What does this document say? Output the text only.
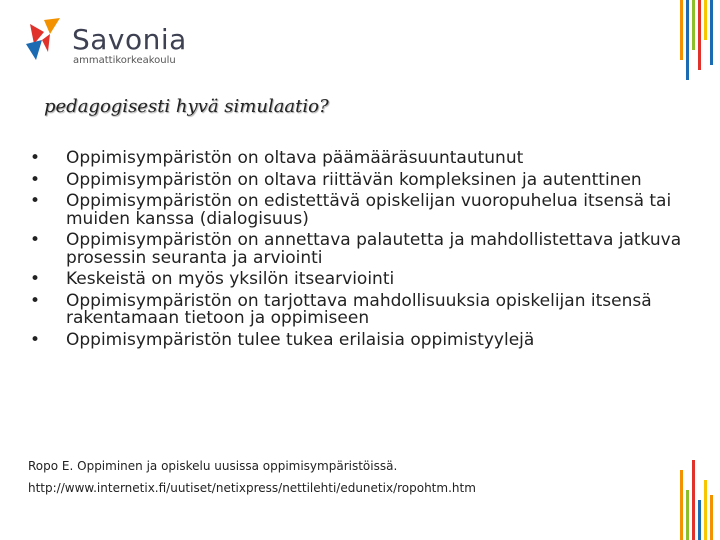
Savonia
ammattikorkeakoulu
pedagogisesti hyvä simulaatio?
• Oppimisympäristön on oltava päämääräsuuntautunut
• Oppimisympäristön on oltava riittävän kompleksinen ja autenttinen
• Oppimisympäristön on edistettävä opiskelijan vuoropuhelua itsensä tai muiden kanssa (dialogisuus)
• Oppimisympäristön on annettava palautetta ja mahdollistettava jatkuva prosessin seuranta ja arviointi
• Keskeistä on myös yksilön itsearviointi
• Oppimisympäristön on tarjottava mahdollisuuksia opiskelijan itsensä rakentamaan tietoon ja oppimiseen
• Oppimisympäristön tulee tukea erilaisia oppimistyylejä
Ropo E. Oppiminen ja opiskelu uusissa oppimisympäristöissä.
http://www.internetix.fi/uutiset/netixpress/nettilehti/edunetix/ropohtm.htm
